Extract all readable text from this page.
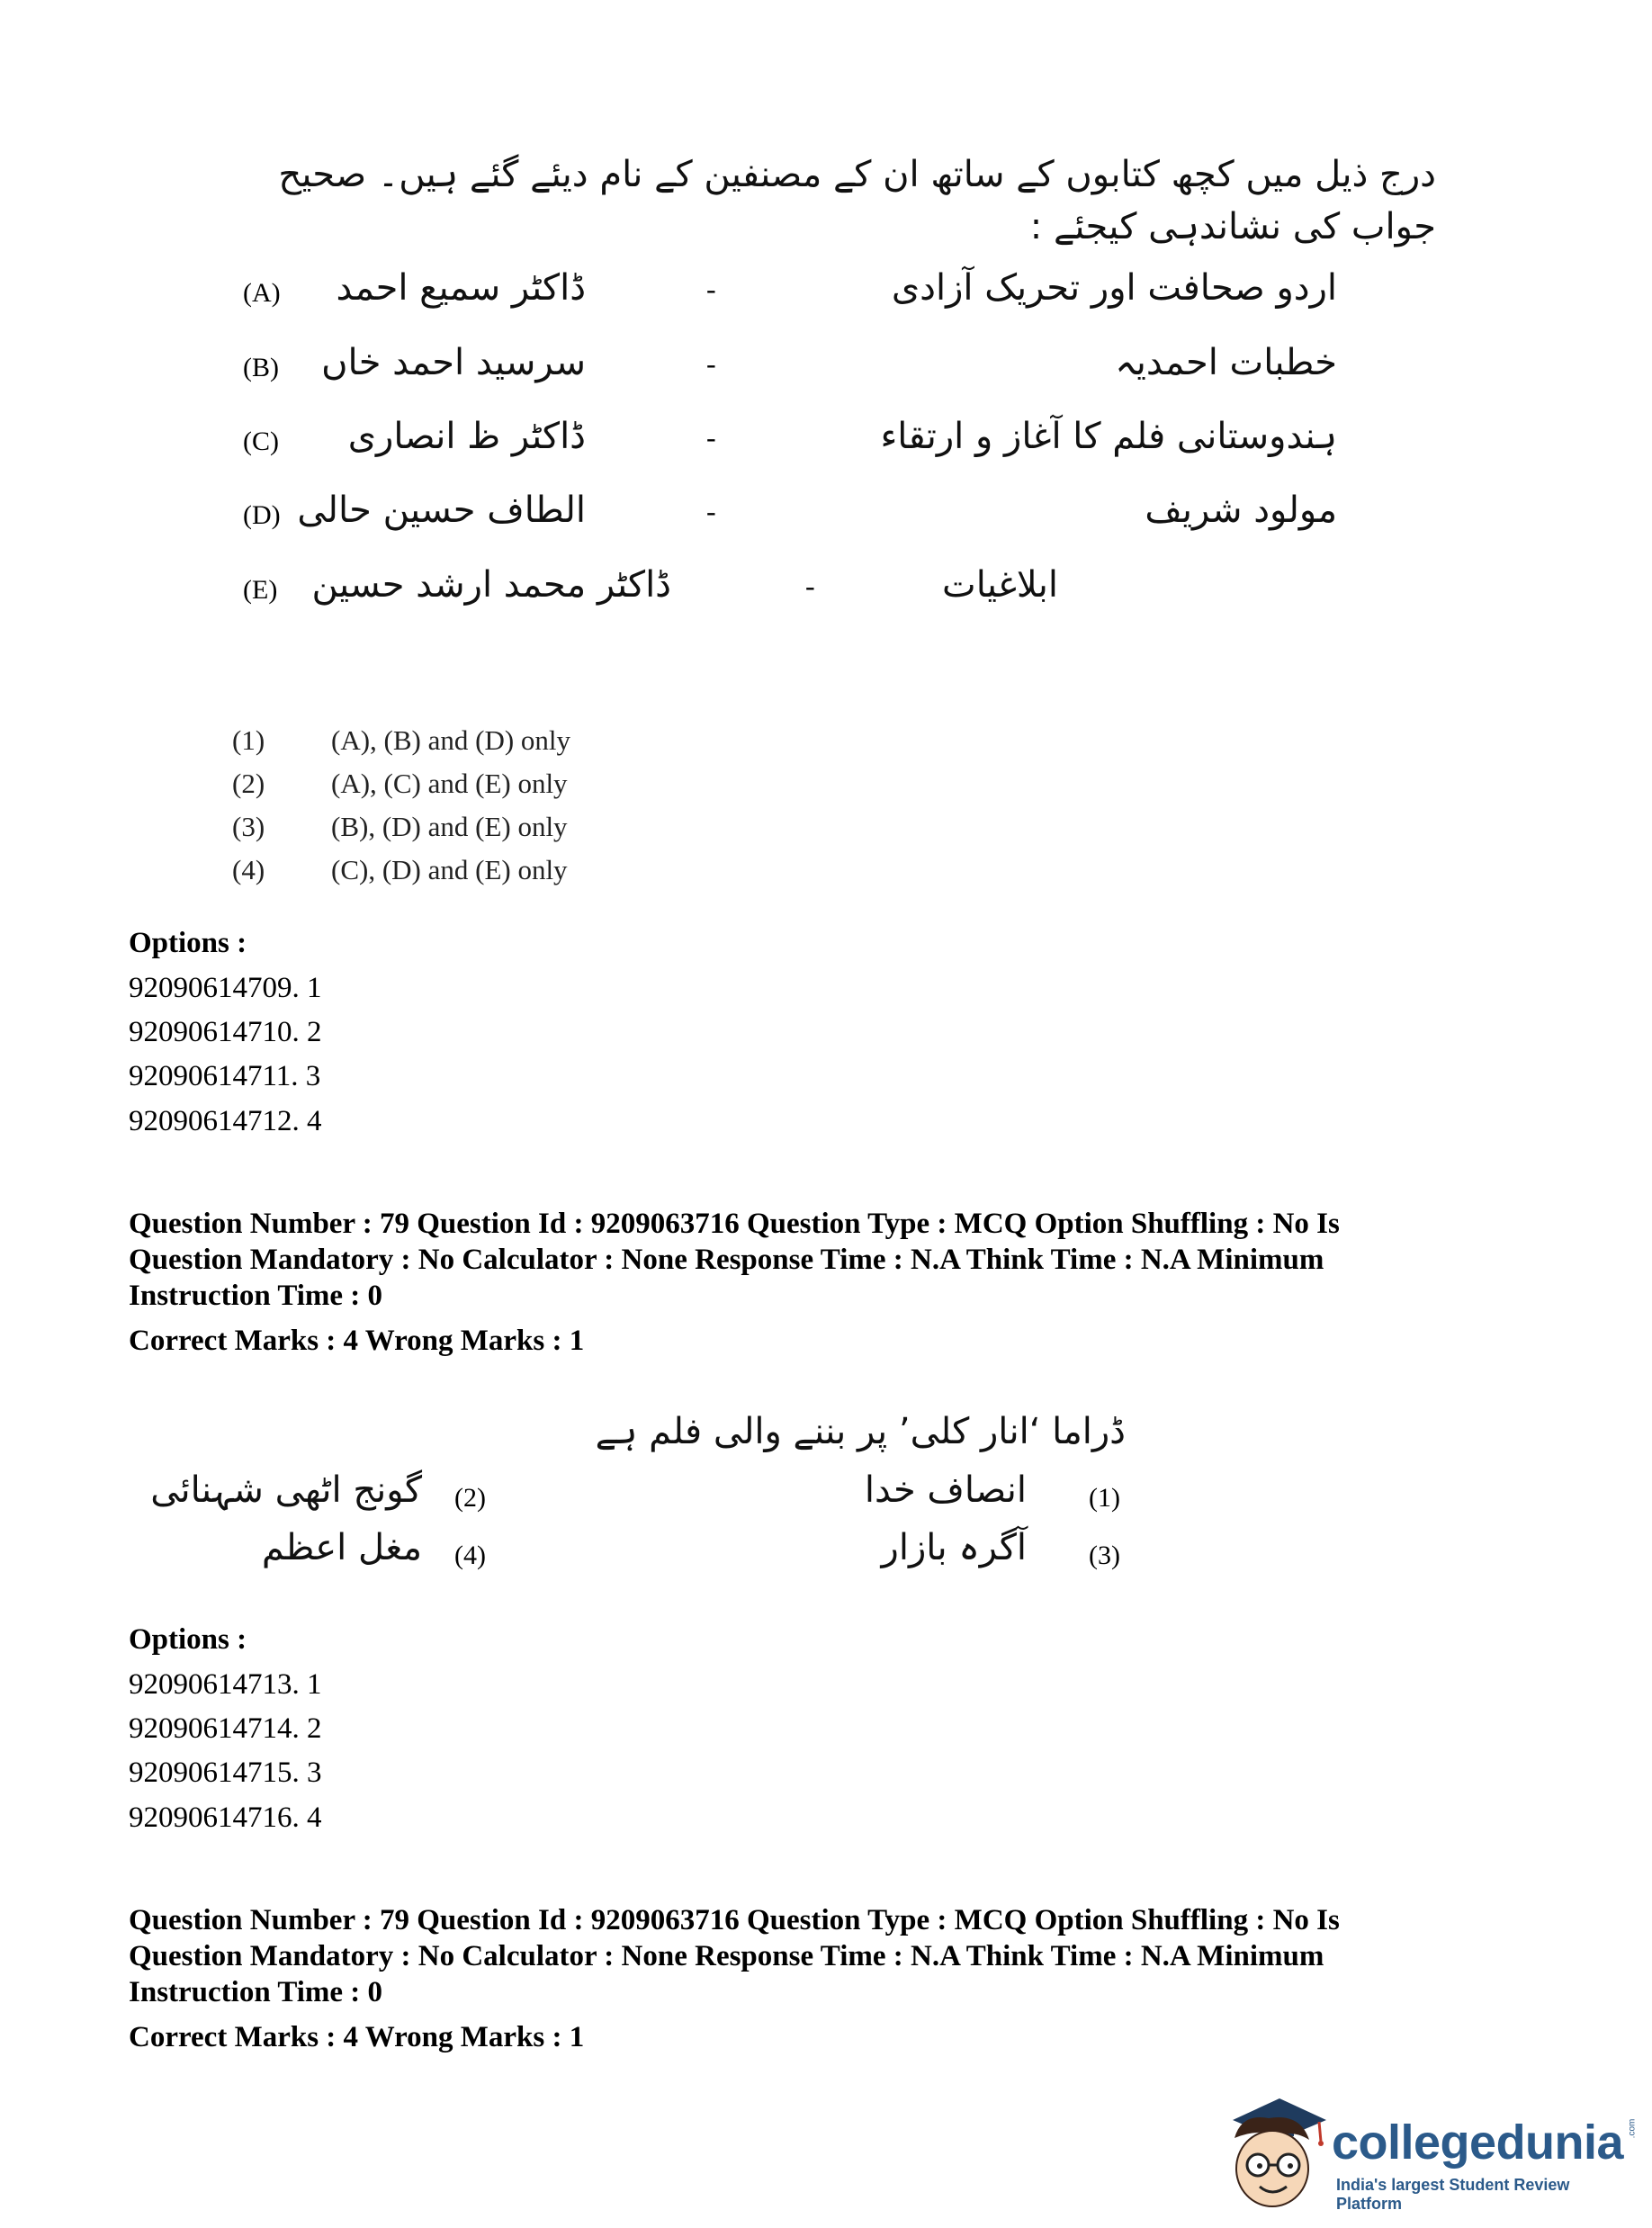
درج ذیل میں کچھ کتابوں کے ساتھ ان کے مصنفین کے نام دیئے گئے ہیں۔ صحیح
جواب کی نشاندہی کیجئے :
(A)	ڈاکٹر سمیع احمد	-	اردو صحافت اور تحریک آزادی
(B)	سرسید احمد خاں	-	خطبات احمدیہ
(C)	ڈاکٹر ظ انصاری	-	ہندوستانی فلم کا آغاز و ارتقاء
(D) الطاف حسین حالی	-	مولود شریف
(E) ڈاکٹر محمد ارشد حسین	-	ابلاغیات
(1) (A), (B) and (D) only
(2) (A), (C) and (E) only
(3) (B), (D) and (E) only
(4) (C), (D) and (E) only
Options :
92090614709. 1
92090614710. 2
92090614711. 3
92090614712. 4
Question Number : 79 Question Id : 9209063716 Question Type : MCQ Option Shuffling : No Is
Question Mandatory : No Calculator : None Response Time : N.A Think Time : N.A Minimum
Instruction Time : 0
Correct Marks : 4 Wrong Marks : 1
ڈراما ‘انار کلی’ پر بننے والی فلم ہے
(1)
انصاف خدا
(2)
گونج اٹھی شہنائی
(3)
آگرہ بازار
(4)
مغل اعظم
Options :
92090614713. 1
92090614714. 2
92090614715. 3
92090614716. 4
Question Number : 79 Question Id : 9209063716 Question Type : MCQ Option Shuffling : No Is
Question Mandatory : No Calculator : None Response Time : N.A Think Time : N.A Minimum
Instruction Time : 0
Correct Marks : 4 Wrong Marks : 1
collegedunia .com
India's largest Student Review Platform
